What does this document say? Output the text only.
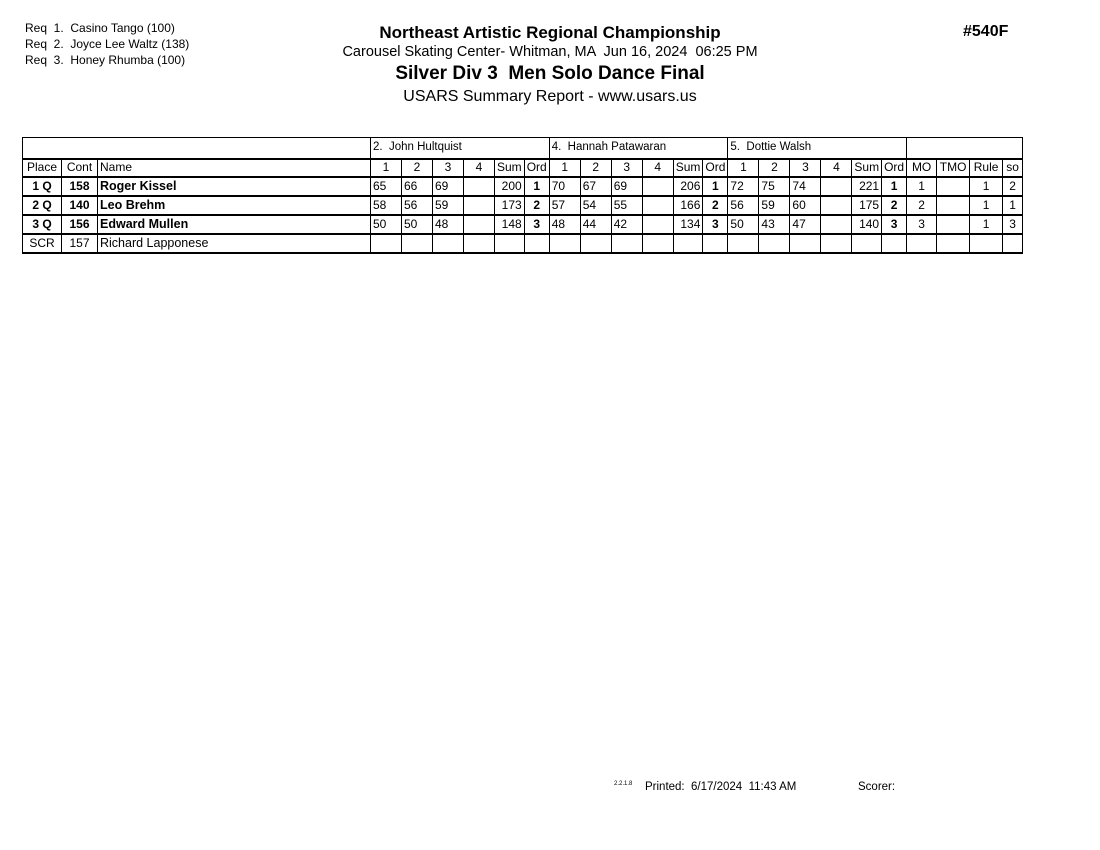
Req  1.  Casino Tango (100)
Req  2.  Joyce Lee Waltz (138)
Req  3.  Honey Rhumba (100)
Northeast Artistic Regional Championship
Carousel Skating Center- Whitman, MA  Jun 16, 2024  06:25 PM
Silver Div 3  Men Solo Dance Final
USARS Summary Report - www.usars.us
#540F
			2.  John Hultquist						4.  Hannah Patawaran						5.  Dottie Walsh									
Place	Cont	Name	1	2	3	4	Sum	Ord	1	2	3	4	Sum	Ord	1	2	3	4	Sum	Ord	MO	TMO	Rule	so
1 Q	158	Roger Kissel	65	66	69		200	1	70	67	69		206	1	72	75	74		221	1	1		1	2
2 Q	140	Leo Brehm	58	56	59		173	2	57	54	55		166	2	56	59	60		175	2	2		1	1
3 Q	156	Edward Mullen	50	50	48		148	3	48	44	42		134	3	50	43	47		140	3	3		1	3
SCR	157	Richard Lapponese																						
2.2.1.8 Printed: 6/17/2024  11:43 AM	Scorer:
